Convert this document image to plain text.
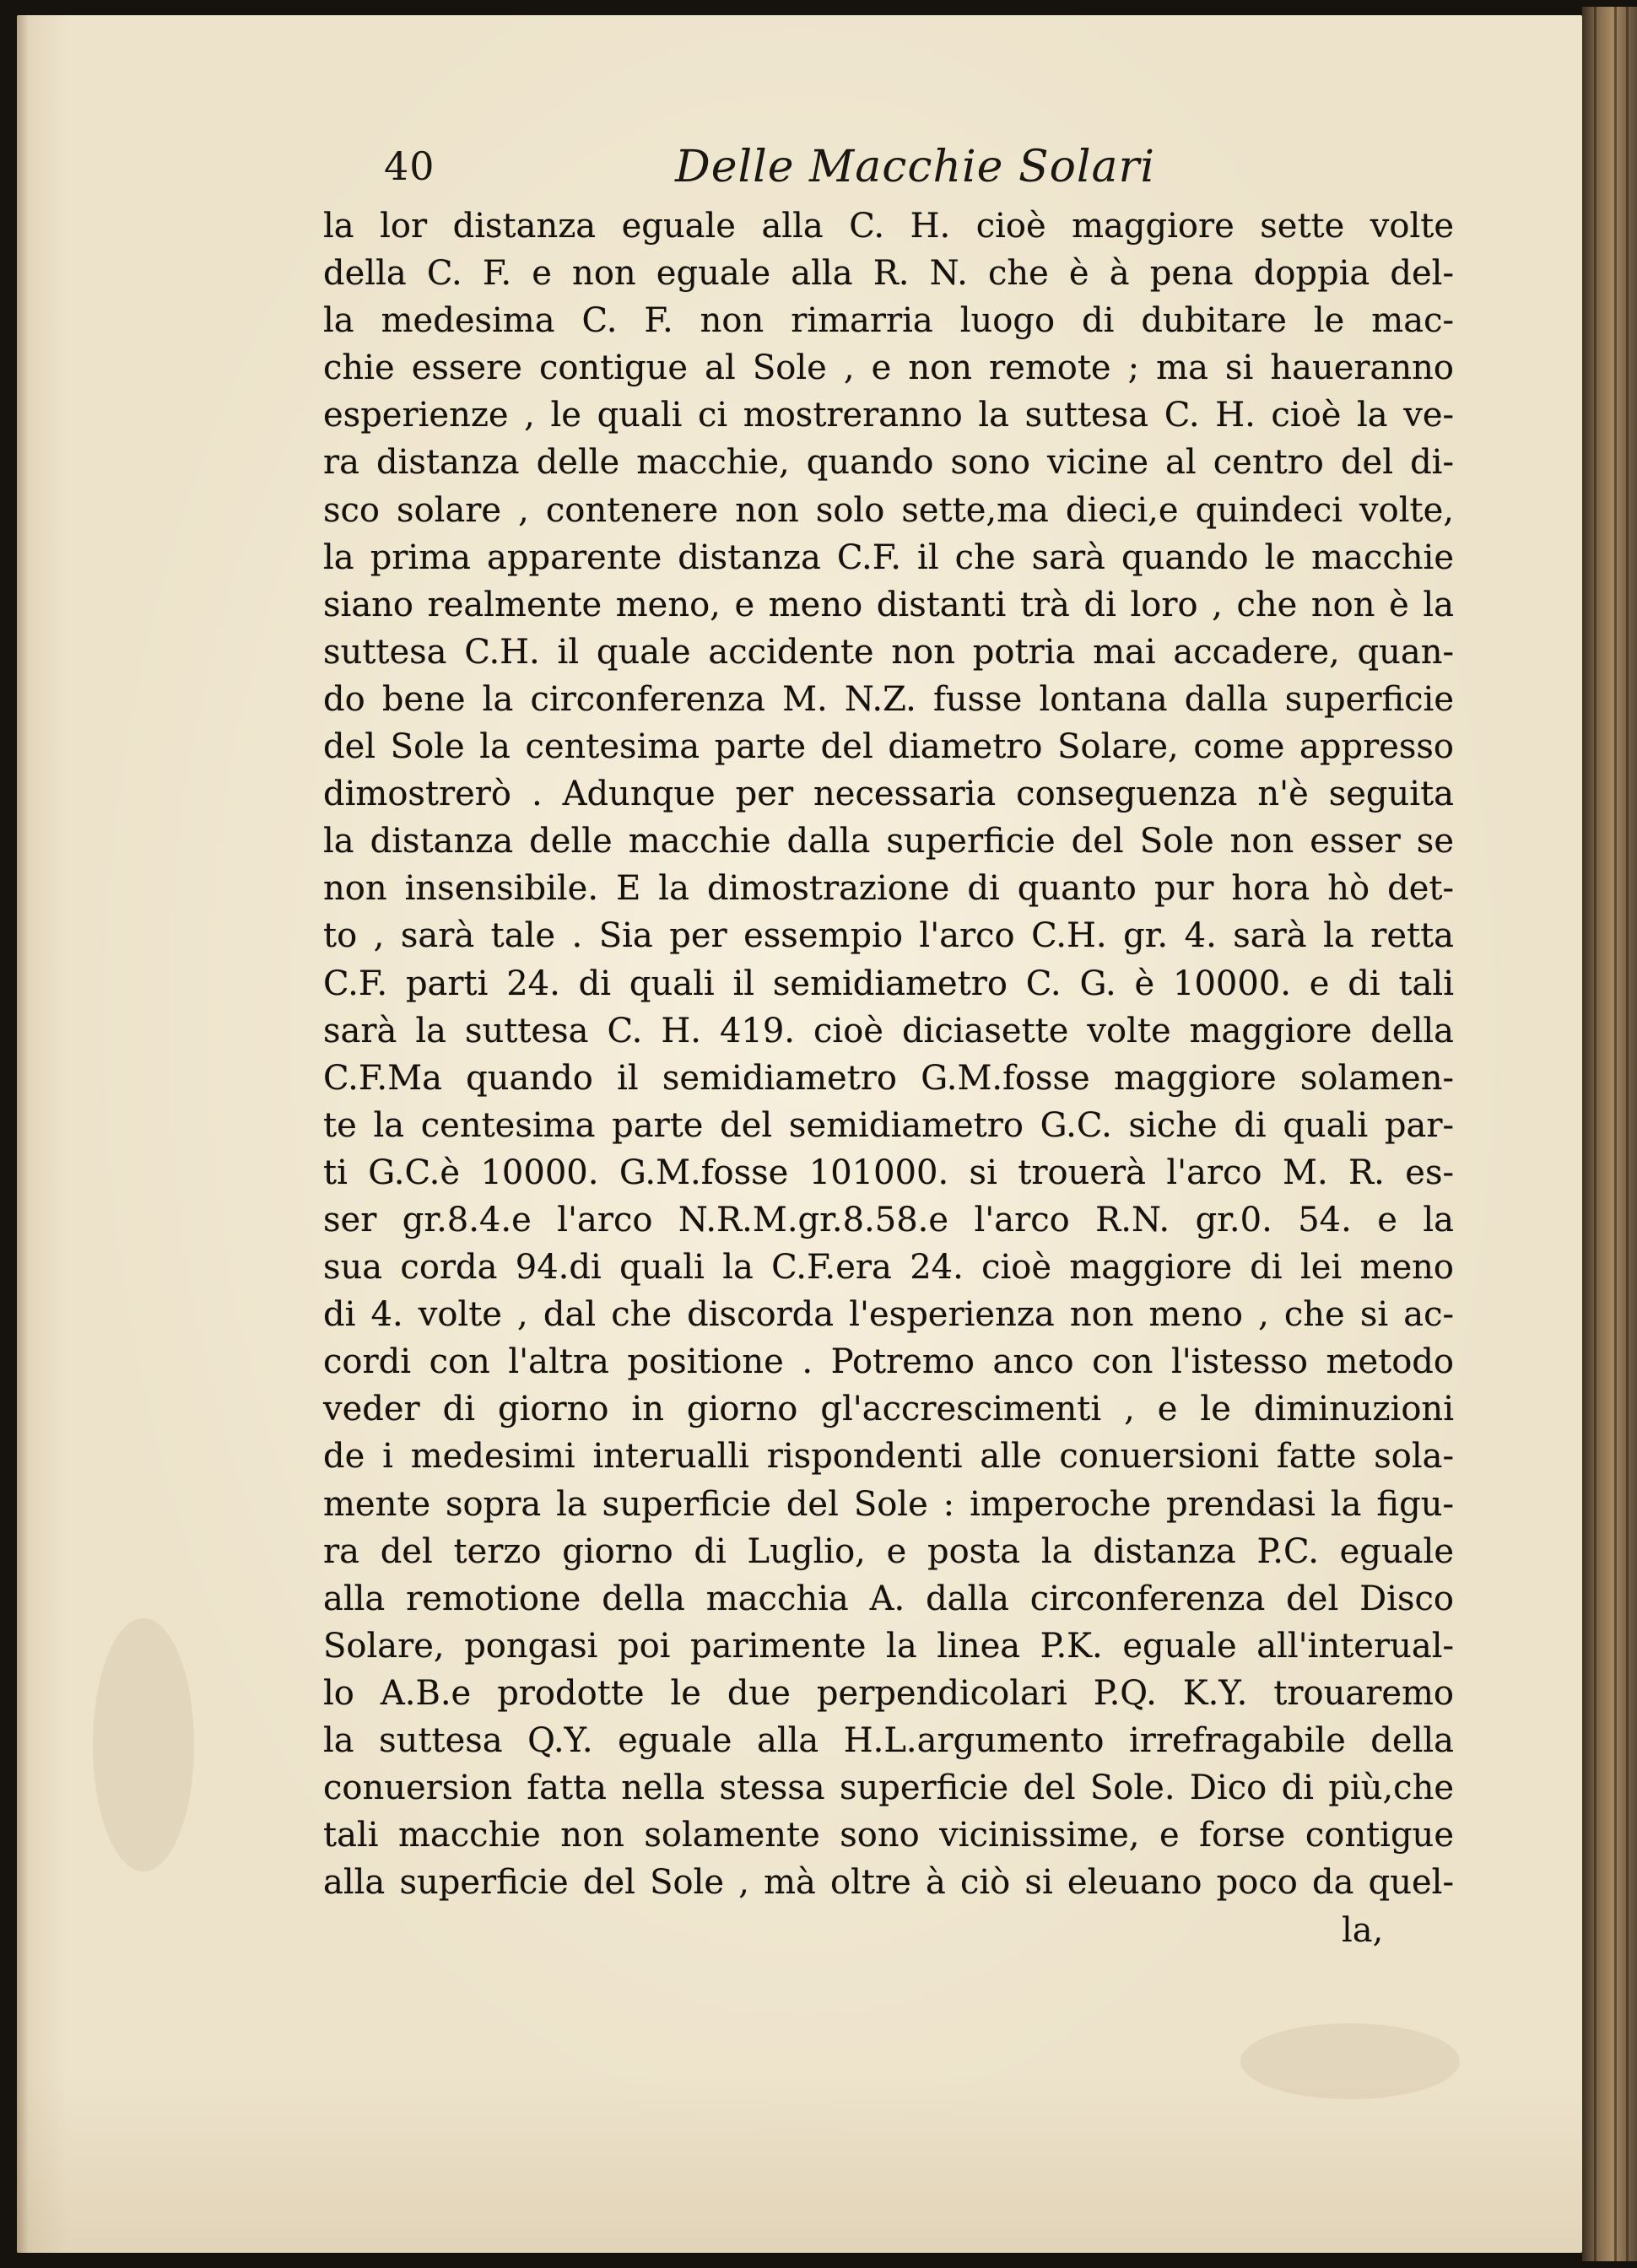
40	Delle Macchie Solari
la lor distanza eguale alla C. H. cioè maggiore sette volte
della C. F. e non eguale alla R. N. che è à pena doppia del-
la medesima C. F. non rimarria luogo di dubitare le mac-
chie essere contigue al Sole , e non remote ; ma si haueranno
esperienze , le quali ci mostreranno la suttesa C. H. cioè la ve-
ra distanza delle macchie, quando sono vicine al centro del di-
sco solare , contenere non solo sette,ma dieci,e quindeci volte,
la prima apparente distanza C.F. il che sarà quando le macchie
siano realmente meno, e meno distanti trà di loro , che non è la
suttesa C.H. il quale accidente non potria mai accadere, quan-
do bene la circonferenza M. N.Z. fusse lontana dalla superficie
del Sole la centesima parte del diametro Solare, come appresso
dimostrerò . Adunque per necessaria conseguenza n'è seguita
la distanza delle macchie dalla superficie del Sole non esser se
non insensibile. E la dimostrazione di quanto pur hora hò det-
to , sarà tale . Sia per essempio l'arco C.H. gr. 4. sarà la retta
C.F. parti 24. di quali il semidiametro C. G. è 10000. e di tali
sarà la suttesa C. H. 419. cioè diciasette volte maggiore della
C.F.Ma quando il semidiametro G.M.fosse maggiore solamen-
te la centesima parte del semidiametro G.C. siche di quali par-
ti G.C.è 10000. G.M.fosse 101000. si trouerà l'arco M. R. es-
ser gr.8.4.e l'arco N.R.M.gr.8.58.e l'arco R.N. gr.0. 54. e la
sua corda 94.di quali la C.F.era 24. cioè maggiore di lei meno
di 4. volte , dal che discorda l'esperienza non meno , che si ac-
cordi con l'altra positione . Potremo anco con l'istesso metodo
veder di giorno in giorno gl'accrescimenti , e le diminuzioni
de i medesimi interualli rispondenti alle conuersioni fatte sola-
mente sopra la superficie del Sole : imperoche prendasi la figu-
ra del terzo giorno di Luglio, e posta la distanza P.C. eguale
alla remotione della macchia A. dalla circonferenza del Disco
Solare, pongasi poi parimente la linea P.K. eguale all'interual-
lo A.B.e prodotte le due perpendicolari P.Q. K.Y. trouaremo
la suttesa Q.Y. eguale alla H.L.argumento irrefragabile della
conuersion fatta nella stessa superficie del Sole. Dico di più,che
tali macchie non solamente sono vicinissime, e forse contigue
alla superficie del Sole , mà oltre à ciò si eleuano poco da quel-
la,
